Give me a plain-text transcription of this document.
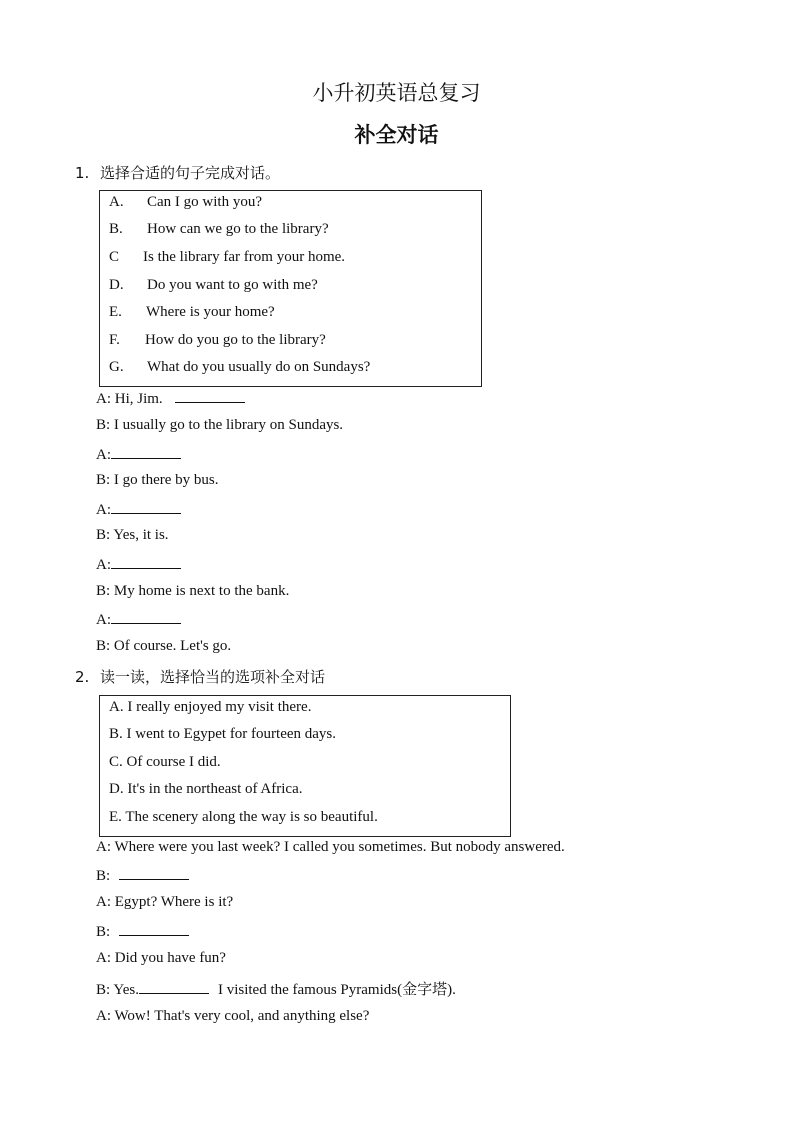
小升初英语总复习
补全对话
1. 选择合适的句子完成对话。
A. Can I go with you?
B. How can we go to the library?
C Is the library far from your home.
D. Do you want to go with me?
E. Where is your home?
F. How do you go to the library?
G. What do you usually do on Sundays?
A: Hi, Jim.
B: I usually go to the library on Sundays.
A:
B: I go there by bus.
A:
B: Yes, it is.
A:
B: My home is next to the bank.
A:
B: Of course. Let's go.
2. 读一读，选择恰当的选项补全对话
A. I really enjoyed my visit there.
B. I went to Egypet for fourteen days.
C. Of course I did.
D. It's in the northeast of Africa.
E. The scenery along the way is so beautiful.
A: Where were you last week? I called you sometimes. But nobody answered.
B:
A: Egypt? Where is it?
B:
A: Did you have fun?
B: Yes.	I visited the famous Pyramids(金字塔).
A: Wow! That's very cool, and anything else?
